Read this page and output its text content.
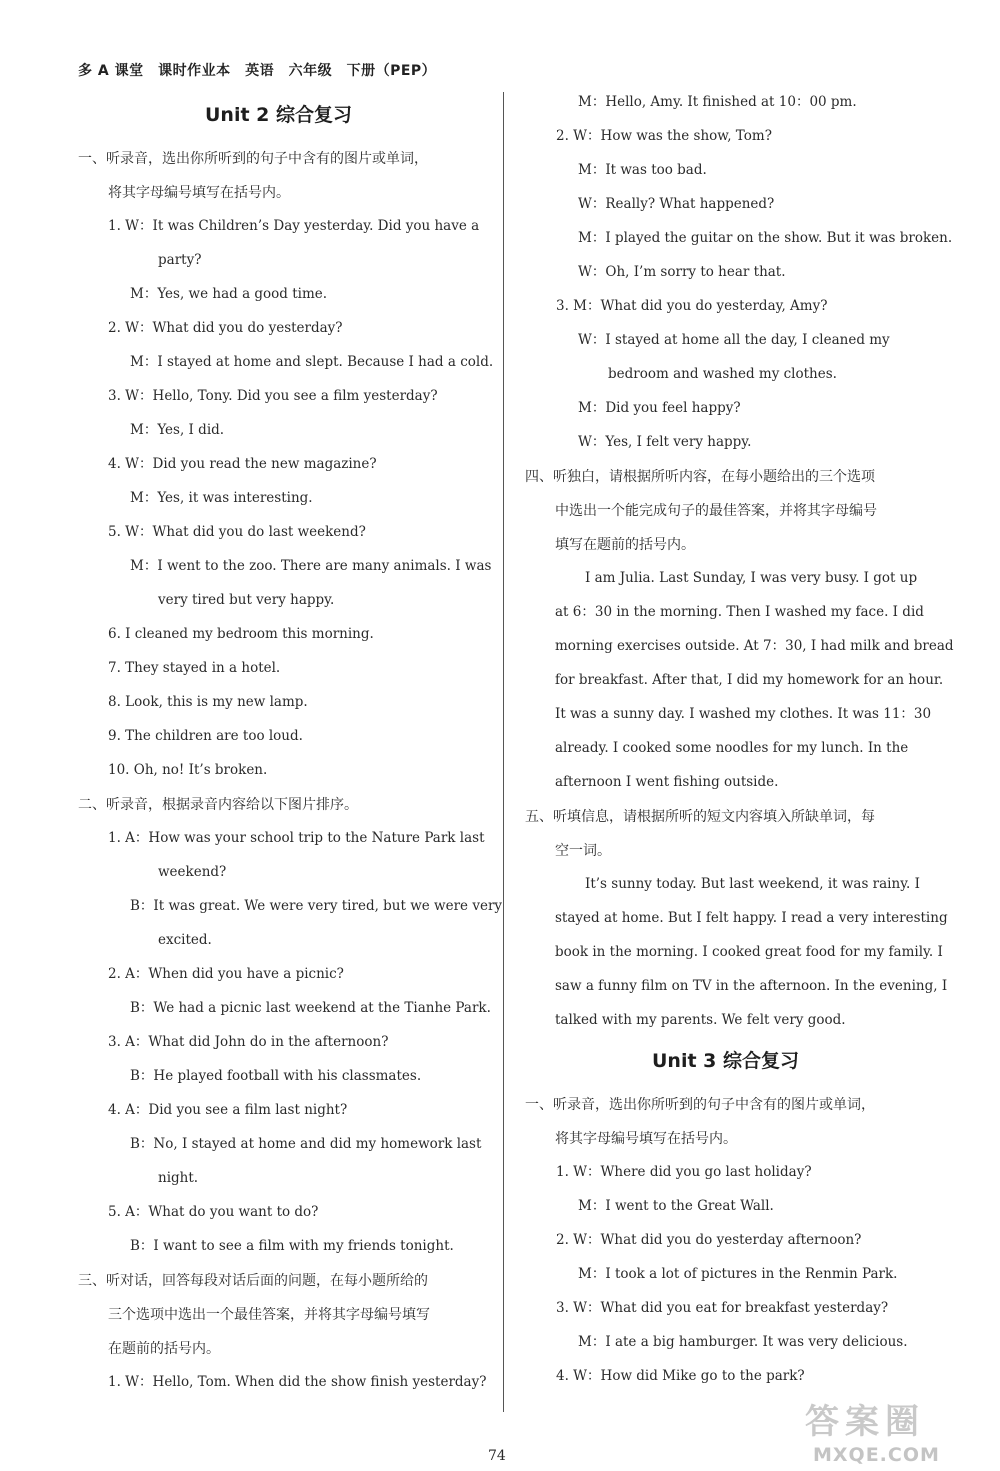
多 A 课堂　课时作业本　英语　六年级　下册（PEP）
Unit 2 综合复习
一、听录音，选出你所听到的句子中含有的图片或单词，
将其字母编号填写在括号内。
1. W：It was Children’s Day yesterday. Did you have a
party?
M：Yes, we had a good time.
2. W：What did you do yesterday?
M：I stayed at home and slept. Because I had a cold.
3. W：Hello, Tony. Did you see a film yesterday?
M：Yes, I did.
4. W：Did you read the new magazine?
M：Yes, it was interesting.
5. W：What did you do last weekend?
M：I went to the zoo. There are many animals. I was
very tired but very happy.
6. I cleaned my bedroom this morning.
7. They stayed in a hotel.
8. Look, this is my new lamp.
9. The children are too loud.
10. Oh, no! It’s broken.
二、听录音，根据录音内容给以下图片排序。
1. A：How was your school trip to the Nature Park last
weekend?
B：It was great. We were very tired, but we were very
excited.
2. A：When did you have a picnic?
B：We had a picnic last weekend at the Tianhe Park.
3. A：What did John do in the afternoon?
B：He played football with his classmates.
4. A：Did you see a film last night?
B：No, I stayed at home and did my homework last
night.
5. A：What do you want to do?
B：I want to see a film with my friends tonight.
三、听对话，回答每段对话后面的问题，在每小题所给的
三个选项中选出一个最佳答案，并将其字母编号填写
在题前的括号内。
1. W：Hello, Tom. When did the show finish yesterday?
M：Hello, Amy. It finished at 10：00 pm.
2. W：How was the show, Tom?
M：It was too bad.
W：Really? What happened?
M：I played the guitar on the show. But it was broken.
W：Oh, I’m sorry to hear that.
3. M：What did you do yesterday, Amy?
W：I stayed at home all the day, I cleaned my
bedroom and washed my clothes.
M：Did you feel happy?
W：Yes, I felt very happy.
四、听独白，请根据所听内容，在每小题给出的三个选项
中选出一个能完成句子的最佳答案，并将其字母编号
填写在题前的括号内。
I am Julia. Last Sunday, I was very busy. I got up
at 6：30 in the morning. Then I washed my face. I did
morning exercises outside. At 7：30, I had milk and bread
for breakfast. After that, I did my homework for an hour.
It was a sunny day. I washed my clothes. It was 11：30
already. I cooked some noodles for my lunch. In the
afternoon I went fishing outside.
五、听填信息，请根据所听的短文内容填入所缺单词，每
空一词。
It’s sunny today. But last weekend, it was rainy. I
stayed at home. But I felt happy. I read a very interesting
book in the morning. I cooked great food for my family. I
saw a funny film on TV in the afternoon. In the evening, I
talked with my parents. We felt very good.
Unit 3 综合复习
一、听录音，选出你所听到的句子中含有的图片或单词，
将其字母编号填写在括号内。
1. W：Where did you go last holiday?
M：I went to the Great Wall.
2. W：What did you do yesterday afternoon?
M：I took a lot of pictures in the Renmin Park.
3. W：What did you eat for breakfast yesterday?
M：I ate a big hamburger. It was very delicious.
4. W：How did Mike go to the park?
74
答案圈
MXQE.COM
